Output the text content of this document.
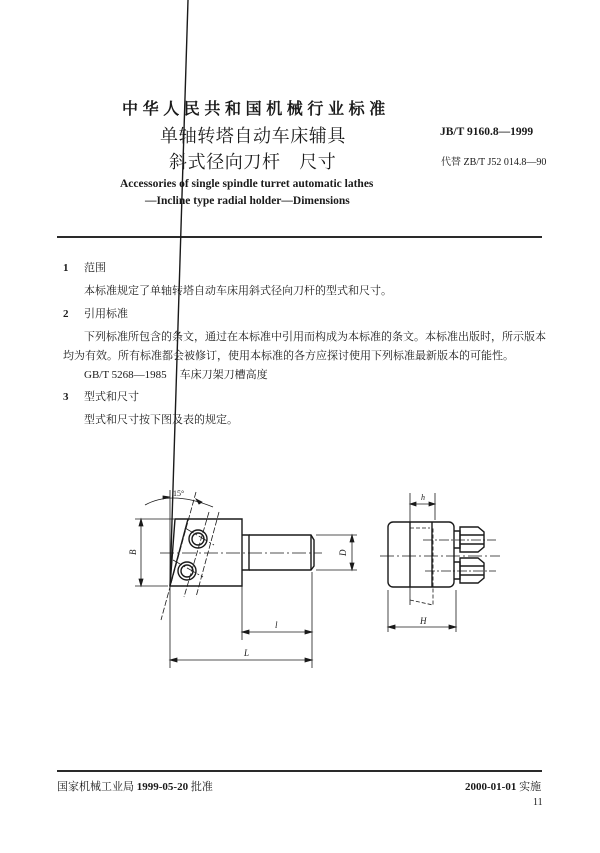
中华人民共和国机械行业标准
单轴转塔自动车床辅具
斜式径向刀杆　尺寸
JB/T 9160.8—1999
代替 ZB/T J52 014.8—90
Accessories of single spindle turret automatic lathes
—Incline type radial holder—Dimensions
1 范围
本标准规定了单轴转塔自动车床用斜式径向刀杆的型式和尺寸。
2 引用标准
下列标准所包含的条文，通过在本标准中引用而构成为本标准的条文。本标准出版时，所示版本
均为有效。所有标准都会被修订，使用本标准的各方应探讨使用下列标准最新版本的可能性。
GB/T 5268—1985 车床刀架刀槽高度
3 型式和尺寸
型式和尺寸按下图及表的规定。
15°
B	D
l
L
h
H
国家机械工业局 1999-05-20 批准	2000-01-01 实施
11
